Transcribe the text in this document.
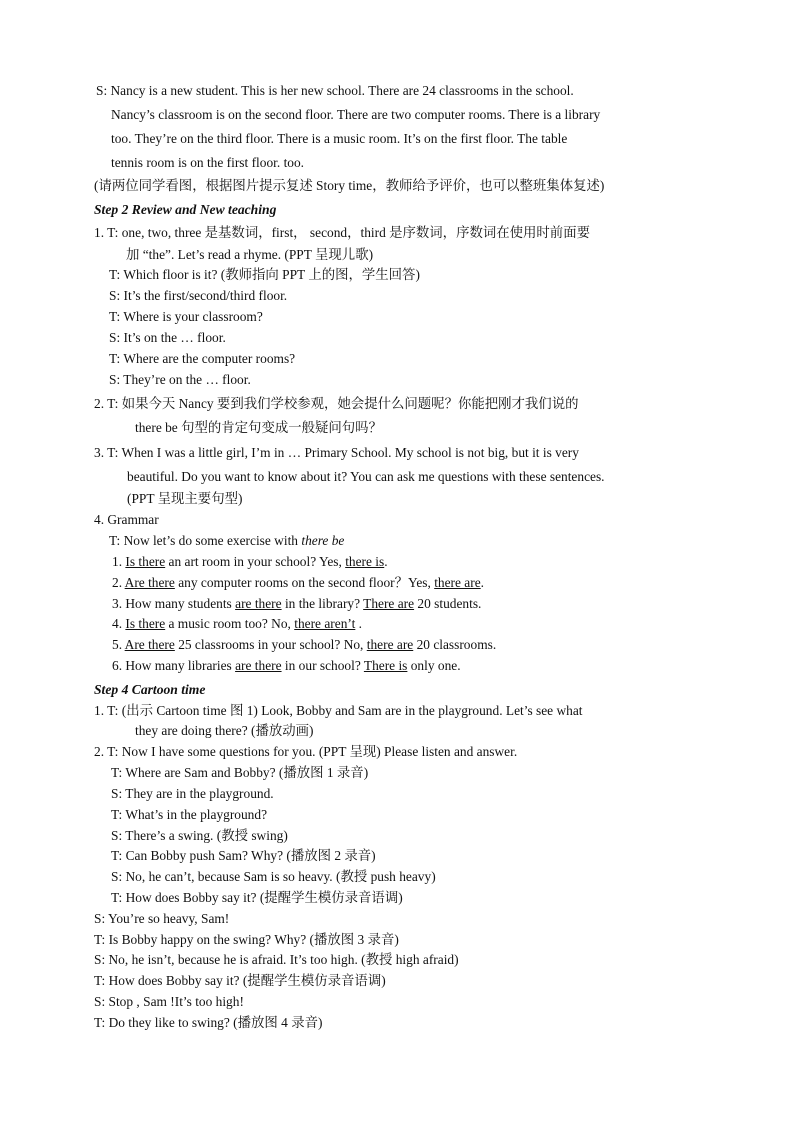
S: Nancy is a new student. This is her new school. There are 24 classrooms in the school.
Nancy’s classroom is on the second floor. There are two computer rooms. There is a library
too. They’re on the third floor. There is a music room. It’s on the first floor. The table
tennis room is on the first floor. too.
(请两位同学看图，根据图片提示复述 Story time，教师给予评价，也可以整班集体复述)
Step 2 Review and New teaching
1. T: one, two, three 是基数词，first， second，third 是序数词，序数词在使用时前面要
加 “the”. Let’s read a rhyme. (PPT 呈现儿歌)
T: Which floor is it? (教师指向 PPT 上的图，学生回答)
S: It’s the first/second/third floor.
T: Where is your classroom?
S: It’s on the … floor.
T: Where are the computer rooms?
S: They’re on the … floor.
2. T: 如果今天 Nancy 要到我们学校参观，她会提什么问题呢？你能把刚才我们说的
there be 句型的肯定句变成一般疑问句吗？
3. T: When I was a little girl, I’m in … Primary School. My school is not big, but it is very
beautiful. Do you want to know about it? You can ask me questions with these sentences.
(PPT 呈现主要句型)
4. Grammar
T: Now let’s do some exercise with there be
1. Is there an art room in your school? Yes, there is.
2. Are there any computer rooms on the second floor？Yes, there are.
3. How many students are there in the library? There are 20 students.
4. Is there a music room too? No, there aren’t .
5. Are there 25 classrooms in your school? No, there are 20 classrooms.
6. How many libraries are there in our school? There is only one.
Step 4 Cartoon time
1. T: (出示 Cartoon time 图 1) Look, Bobby and Sam are in the playground. Let’s see what
they are doing there? (播放动画)
2. T: Now I have some questions for you. (PPT 呈现) Please listen and answer.
T: Where are Sam and Bobby? (播放图 1 录音)
S: They are in the playground.
T: What’s in the playground?
S: There’s a swing. (教授 swing)
T: Can Bobby push Sam? Why? (播放图 2 录音)
S: No, he can’t, because Sam is so heavy. (教授 push heavy)
T: How does Bobby say it? (提醒学生模仿录音语调)
S: You’re so heavy, Sam!
T: Is Bobby happy on the swing? Why? (播放图 3 录音)
S: No, he isn’t, because he is afraid. It’s too high. (教授 high afraid)
T: How does Bobby say it? (提醒学生模仿录音语调)
S: Stop , Sam !It’s too high!
T: Do they like to swing? (播放图 4 录音)
